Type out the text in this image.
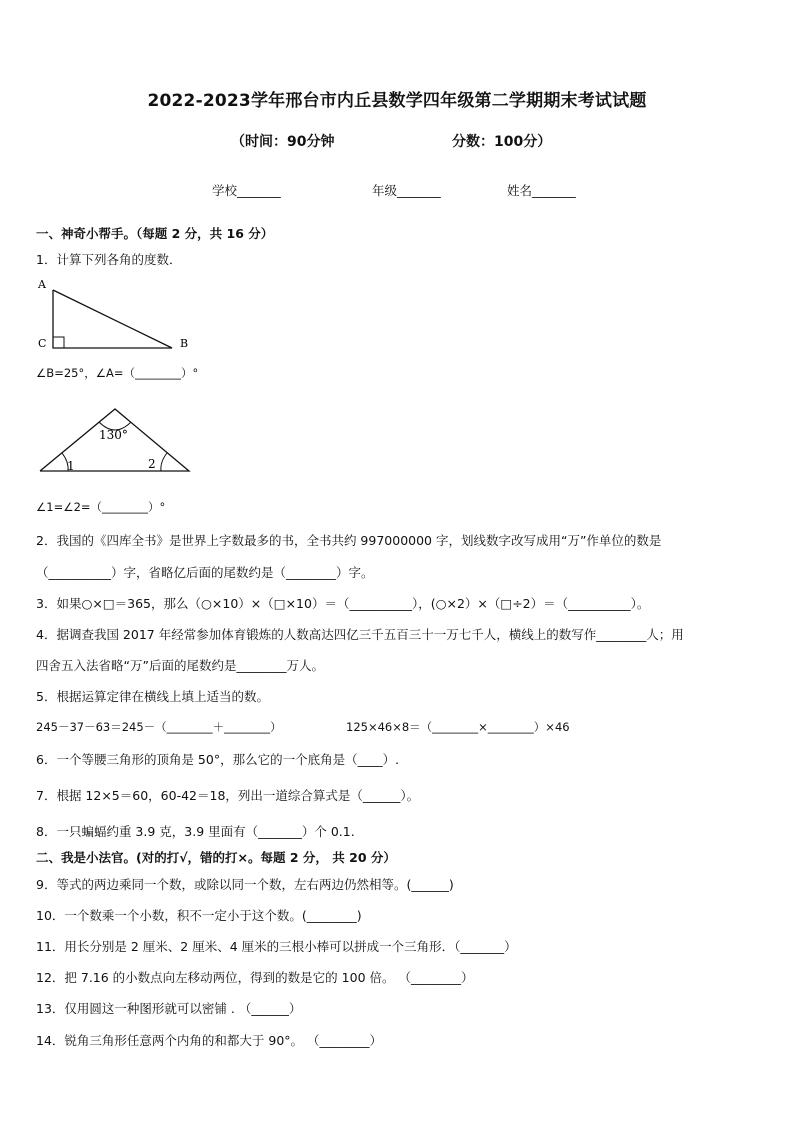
2022-2023学年邢台市内丘县数学四年级第二学期期末考试试题
（时间：90分钟	分数：100分）
学校_______	年级_______	姓名_______
一、神奇小帮手。（每题 2 分，共 16 分）
1．计算下列各角的度数．
A
C	B
∠B=25°，∠A=（________）°
130°
1	2
∠1=∠2=（________）°
2．我国的《四库全书》是世界上字数最多的书，全书共约 997000000 字，划线数字改写成用“万”作单位的数是
（__________）字，省略亿后面的尾数约是（________）字。
3．如果○×□＝365，那么（○×10）×（□×10）＝（__________），(○×2）×（□÷2）＝（__________）。
4．据调查我国 2017 年经常参加体育锻炼的人数高达四亿三千五百三十一万七千人，横线上的数写作________人；用
四舍五入法省略“万”后面的尾数约是________万人。
5．根据运算定律在横线上填上适当的数。
245－37－63＝245－（________＋________）	125×46×8＝（________×________）×46
6．一个等腰三角形的顶角是 50°，那么它的一个底角是（____）.
7．根据 12×5＝60，60-42＝18，列出一道综合算式是（______）。
8．一只蝙蝠约重 3.9 克，3.9 里面有（_______）个 0.1.
二、我是小法官。(对的打√，错的打×。每题 2 分， 共 20 分）
9．等式的两边乘同一个数，或除以同一个数，左右两边仍然相等。(______)
10．一个数乘一个小数，积不一定小于这个数。(________)
11．用长分别是 2 厘米、2 厘米、4 厘米的三根小棒可以拼成一个三角形．（_______）
12．把 7.16 的小数点向左移动两位，得到的数是它的 100 倍。 （________）
13．仅用圆这一种图形就可以密铺 . （______）
14．锐角三角形任意两个内角的和都大于 90°。 （________）
